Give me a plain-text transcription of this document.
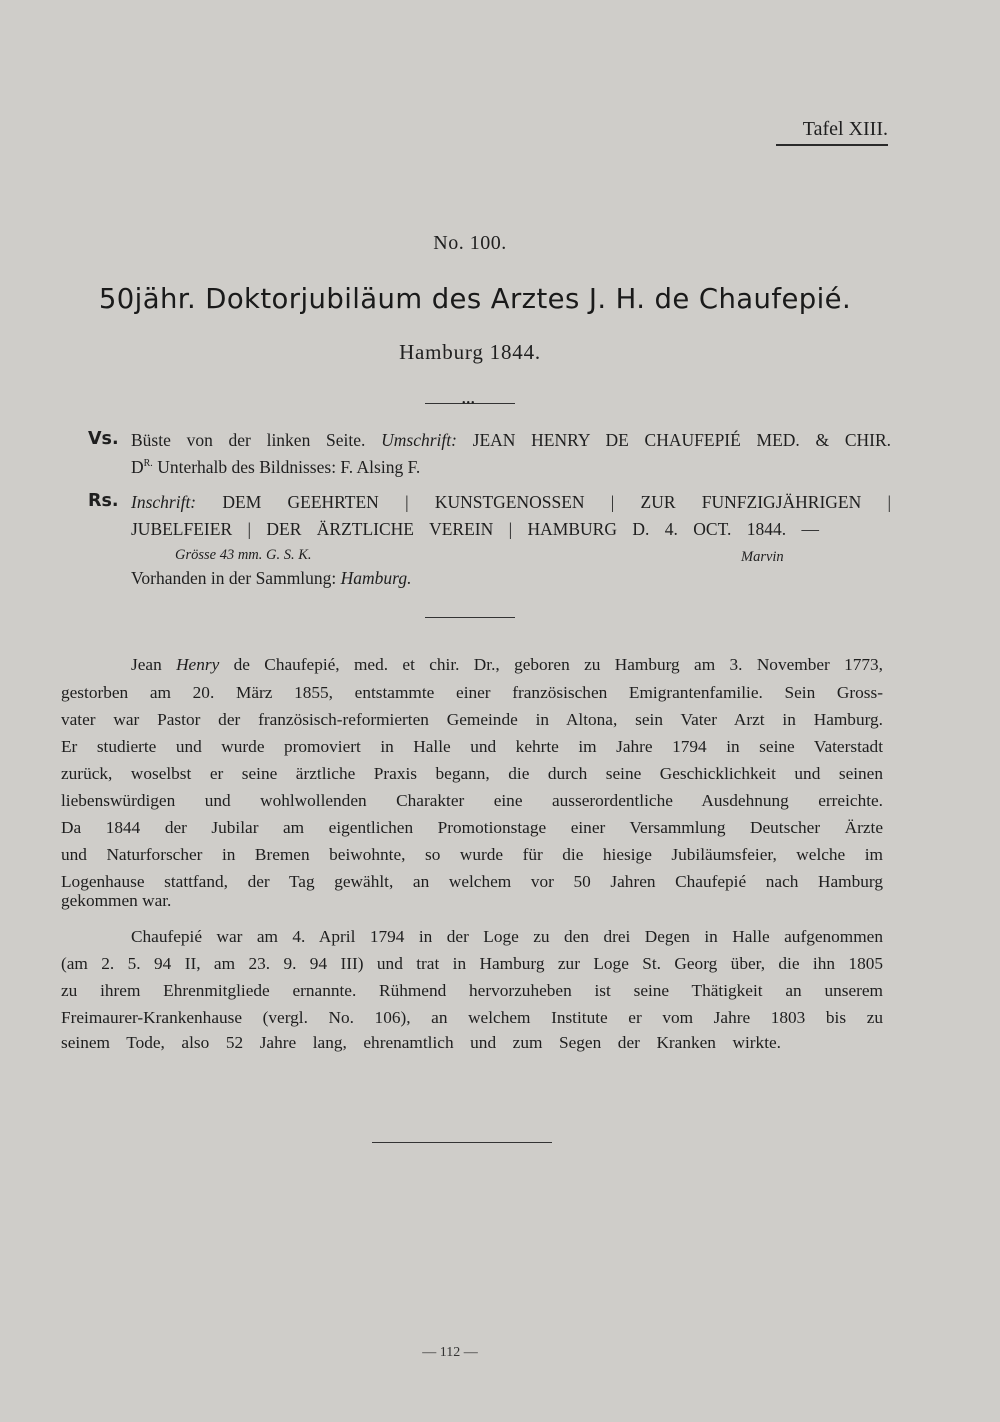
Tafel XIII.
No. 100.
50jähr. Doktorjubiläum des Arztes J. H. de Chaufepié.
Hamburg 1844.
•••
Vs. Büste von der linken Seite. Umschrift: JEAN HENRY DE CHAUFEPIÉ MED. & CHIR.
$D^{R.}$ Unterhalb des Bildnisses: F. Alsing F.
Rs. Inschrift: DEM GEEHRTEN | KUNSTGENOSSEN | ZUR FUNFZIGJÄHRIGEN |
JUBELFEIER | DER ÄRZTLICHE VEREIN | HAMBURG D. 4. OCT. 1844. —
Grösse 43 mm. G. S. K.	Marvin
Vorhanden in der Sammlung: Hamburg.
Jean Henry de Chaufepié, med. et chir. Dr., geboren zu Hamburg am 3. November 1773,
gestorben am 20. März 1855, entstammte einer französischen Emigrantenfamilie. Sein Gross-
vater war Pastor der französisch-reformierten Gemeinde in Altona, sein Vater Arzt in Hamburg.
Er studierte und wurde promoviert in Halle und kehrte im Jahre 1794 in seine Vaterstadt
zurück, woselbst er seine ärztliche Praxis begann, die durch seine Geschicklichkeit und seinen
liebenswürdigen und wohlwollenden Charakter eine ausserordentliche Ausdehnung erreichte.
Da 1844 der Jubilar am eigentlichen Promotionstage einer Versammlung Deutscher Ärzte
und Naturforscher in Bremen beiwohnte, so wurde für die hiesige Jubiläumsfeier, welche im
Logenhause stattfand, der Tag gewählt, an welchem vor 50 Jahren Chaufepié nach Hamburg
gekommen war.
Chaufepié war am 4. April 1794 in der Loge zu den drei Degen in Halle aufgenommen
(am 2. 5. 94 II, am 23. 9. 94 III) und trat in Hamburg zur Loge St. Georg über, die ihn 1805
zu ihrem Ehrenmitgliede ernannte. Rühmend hervorzuheben ist seine Thätigkeit an unserem
Freimaurer-Krankenhause (vergl. No. 106), an welchem Institute er vom Jahre 1803 bis zu
seinem Tode, also 52 Jahre lang, ehrenamtlich und zum Segen der Kranken wirkte.
— 112 —
